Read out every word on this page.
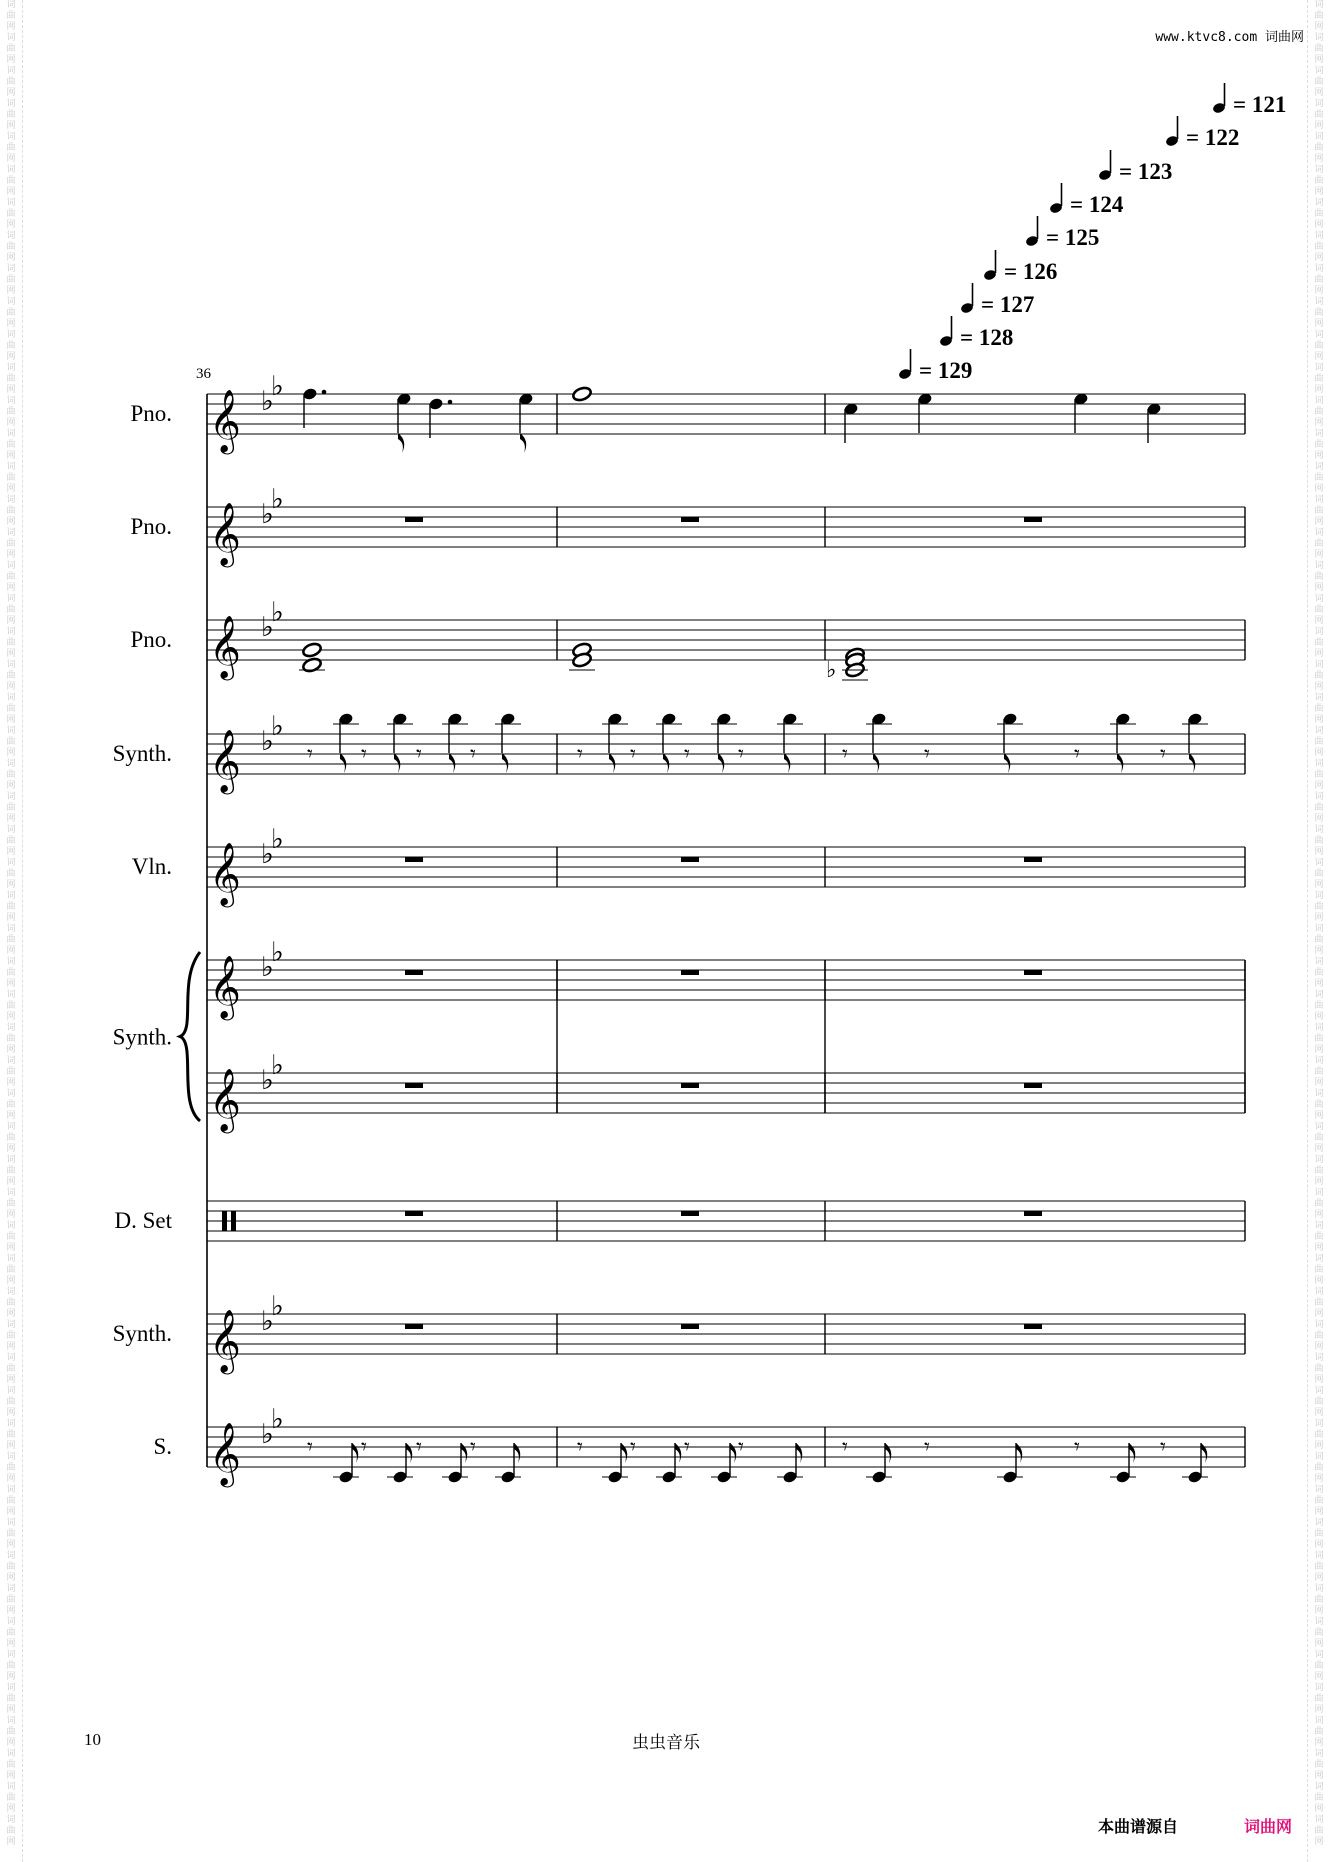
词
曲
网
词
曲
网
词
曲
网
词
曲
网
词
曲
网
词
曲
网
词
曲
网
词
曲
网
词
曲
网
词
曲
网
词
曲
网
词
曲
网
词
曲
网
词
曲
网
词
曲
网
词
曲
网
词
曲
网
词
曲
网
词
曲
网
词
曲
网
词
曲
网
词
曲
网
词
曲
网
词
曲
网
词
曲
网
词
曲
网
词
曲
网
词
曲
网
词
曲
网
词
曲
网
词
曲
网
词
曲
网
词
曲
网
词
曲
网
词
曲
网
词
曲
网
词
曲
网
词
曲
网
词
曲
网
词
曲
网
词
曲
网
词
曲
网
词
曲
网
词
曲
网
词
曲
网
词
曲
网
词
曲
网
词
曲
网
词
曲
网
词
曲
网
词
曲
网
词
曲
网
词
曲
网
词
曲
网
词
曲
网
词
曲
网
词
曲
网
词
曲
网
词
曲
网
词
曲
网
词
曲
网
词
曲
网
词
曲
网
词
曲
网
词
曲
网
词
曲
网
词
曲
网
词
曲
网
词
曲
网
词
曲
网
词
曲
网
词
曲
网
词
曲
网
词
曲
网
词
曲
网
词
曲
网
词
曲
网
词
曲
网
词
曲
网
词
曲
网
词
曲
网
词
曲
网
词
曲
网
词
曲
网
词
曲
网
词
曲
网
词
曲
网
词
曲
网
词
曲
网
词
曲
网
词
曲
网
词
曲
网
词
曲
网
词
曲
网
词
曲
网
词
曲
网
词
曲
网
词
曲
网
词
曲
网
词
曲
网
词
曲
网
词
曲
网
词
曲
网
词
曲
网
词
曲
网
词
曲
网
词
曲
网
词
曲
网
词
曲
网
词
曲
网
词
曲
网
词
曲
网
www.ktvc8.com 词曲网
36	= 129
= 128
= 127
= 126
= 125
= 124
= 123
= 122
= 121
𝄞 ♭
♭
𝄞 ♭
♭
𝄞 ♭
♭
𝄞 ♭
♭
𝄞 ♭
♭
𝄞 ♭
♭
𝄞 ♭
♭
𝄞 ♭
♭
𝄞 ♭
♭
Pno.
Pno.
Pno.
Synth.
Vln.
Synth.
D. Set
Synth.
S.
♭
𝄾 𝄾 𝄾 𝄾	𝄾 𝄾 𝄾 𝄾	𝄾	𝄾	𝄾	𝄾
𝄾 𝄾 𝄾 𝄾	𝄾 𝄾 𝄾 𝄾	𝄾	𝄾	𝄾	𝄾
10	虫虫音乐
本曲谱源自	词曲网
